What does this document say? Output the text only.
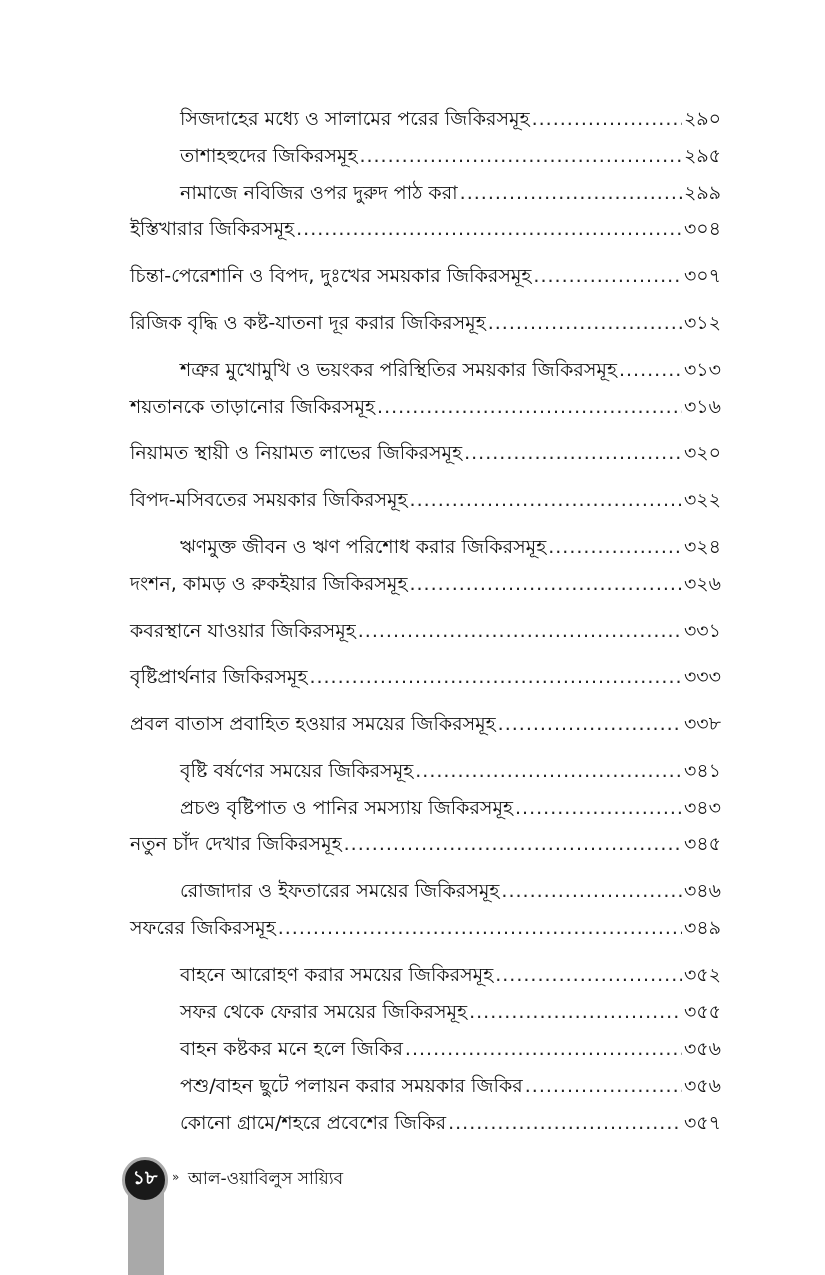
সিজদাহের মধ্যে ও সালামের পরের জিকিরসমূহ .....	২৯০
তাশাহহুদের জিকিরসমূহ .....	২৯৫
নামাজে নবিজির ওপর দুরুদ পাঠ করা .....	২৯৯
ইস্তিখারার জিকিরসমূহ .....	৩০৪
চিন্তা-পেরেশানি ও বিপদ, দুঃখের সময়কার জিকিরসমূহ .....	৩০৭
রিজিক বৃদ্ধি ও কষ্ট-যাতনা দূর করার জিকিরসমূহ .....	৩১২
শত্রুর মুখোমুখি ও ভয়ংকর পরিস্থিতির সময়কার জিকিরসমূহ .....	৩১৩
শয়তানকে তাড়ানোর জিকিরসমূহ .....	৩১৬
নিয়ামত স্থায়ী ও নিয়ামত লাভের জিকিরসমূহ .....	৩২০
বিপদ-মসিবতের সময়কার জিকিরসমূহ .....	৩২২
ঋণমুক্ত জীবন ও ঋণ পরিশোধ করার জিকিরসমূহ .....	৩২৪
দংশন, কামড় ও রুকইয়ার জিকিরসমূহ .....	৩২৬
কবরস্থানে যাওয়ার জিকিরসমূহ .....	৩৩১
বৃষ্টিপ্রার্থনার জিকিরসমূহ .....	৩৩৩
প্রবল বাতাস প্রবাহিত হওয়ার সময়ের জিকিরসমূহ .....	৩৩৮
বৃষ্টি বর্ষণের সময়ের জিকিরসমূহ .....	৩৪১
প্রচণ্ড বৃষ্টিপাত ও পানির সমস্যায় জিকিরসমূহ .....	৩৪৩
নতুন চাঁদ দেখার জিকিরসমূহ .....	৩৪৫
রোজাদার ও ইফতারের সময়ের জিকিরসমূহ .....	৩৪৬
সফরের জিকিরসমূহ .....	৩৪৯
বাহনে আরোহণ করার সময়ের জিকিরসমূহ .....	৩৫২
সফর থেকে ফেরার সময়ের জিকিরসমূহ .....	৩৫৫
বাহন কষ্টকর মনে হলে জিকির .....	৩৫৬
পশু/বাহন ছুটে পলায়ন করার সময়কার জিকির .....	৩৫৬
কোনো গ্রামে/শহরে প্রবেশের জিকির .....	৩৫৭
১৮ » আল-ওয়াবিলুস সায়্যিব
